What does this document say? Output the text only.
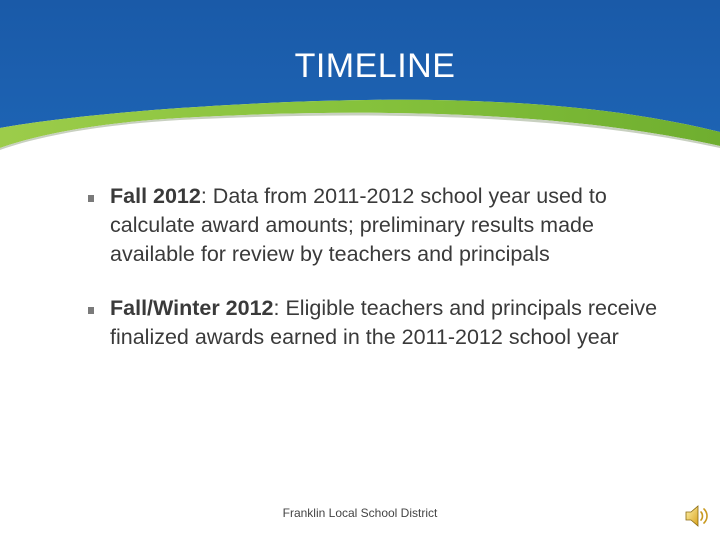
TIMELINE
Fall 2012: Data from 2011-2012 school year used to calculate award amounts; preliminary results made available for review by teachers and principals
Fall/Winter 2012: Eligible teachers and principals receive finalized awards earned in the 2011-2012 school year
Franklin Local School District
